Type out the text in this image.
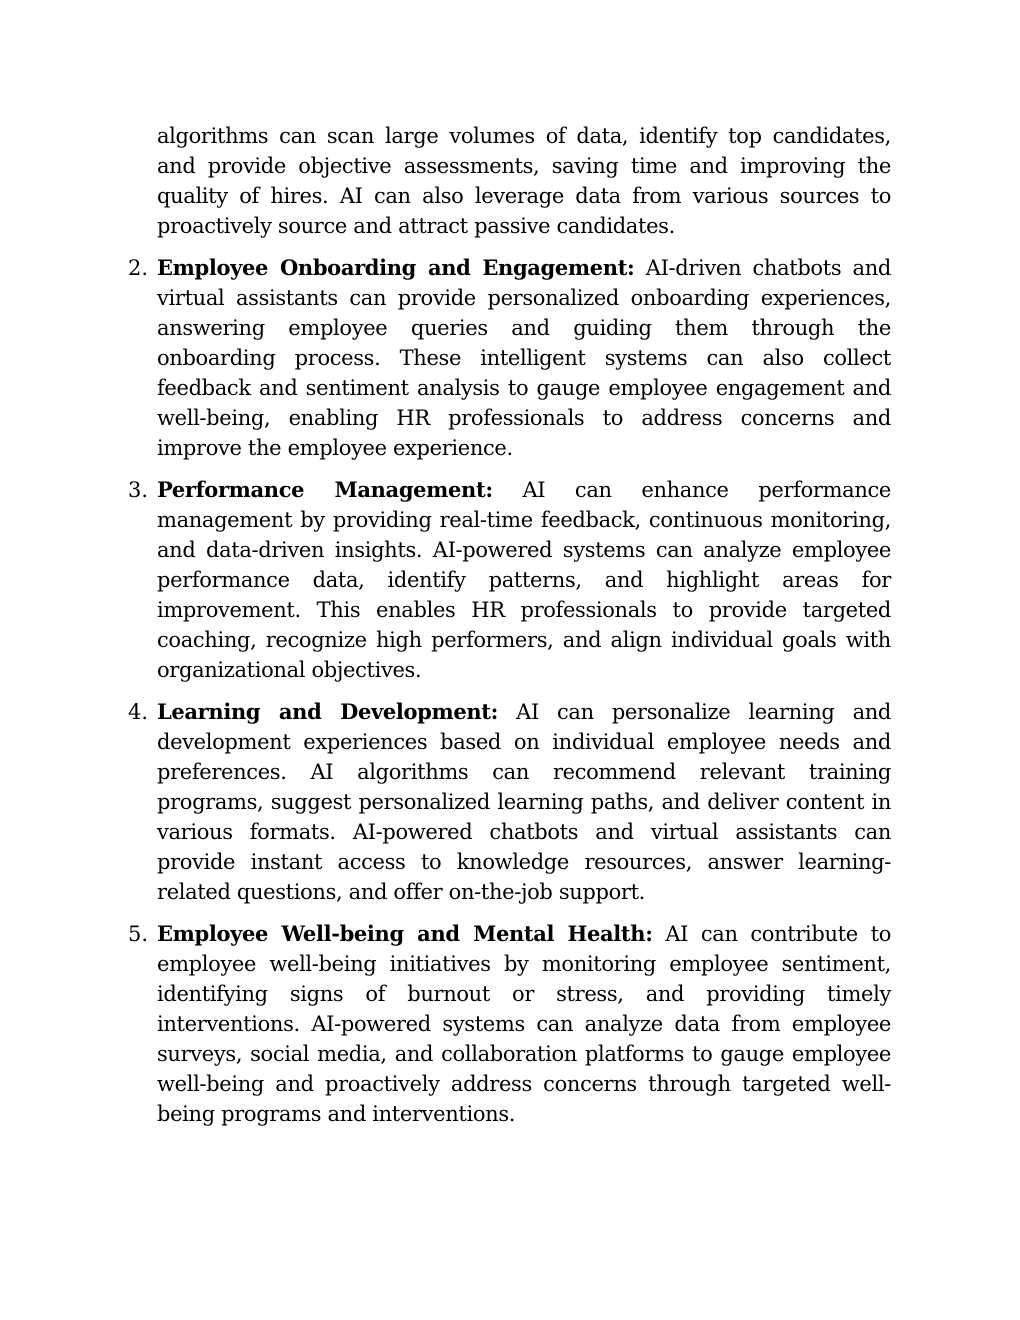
algorithms can scan large volumes of data, identify top candidates, and provide objective assessments, saving time and improving the quality of hires. AI can also leverage data from various sources to proactively source and attract passive candidates.

2. Employee Onboarding and Engagement: AI-driven chatbots and virtual assistants can provide personalized onboarding experiences, answering employee queries and guiding them through the onboarding process. These intelligent systems can also collect feedback and sentiment analysis to gauge employee engagement and well-being, enabling HR professionals to address concerns and improve the employee experience.

3. Performance Management: AI can enhance performance management by providing real-time feedback, continuous monitoring, and data-driven insights. AI-powered systems can analyze employee performance data, identify patterns, and highlight areas for improvement. This enables HR professionals to provide targeted coaching, recognize high performers, and align individual goals with organizational objectives.

4. Learning and Development: AI can personalize learning and development experiences based on individual employee needs and preferences. AI algorithms can recommend relevant training programs, suggest personalized learning paths, and deliver content in various formats. AI-powered chatbots and virtual assistants can provide instant access to knowledge resources, answer learning-related questions, and offer on-the-job support.

5. Employee Well-being and Mental Health: AI can contribute to employee well-being initiatives by monitoring employee sentiment, identifying signs of burnout or stress, and providing timely interventions. AI-powered systems can analyze data from employee surveys, social media, and collaboration platforms to gauge employee well-being and proactively address concerns through targeted well-being programs and interventions.
